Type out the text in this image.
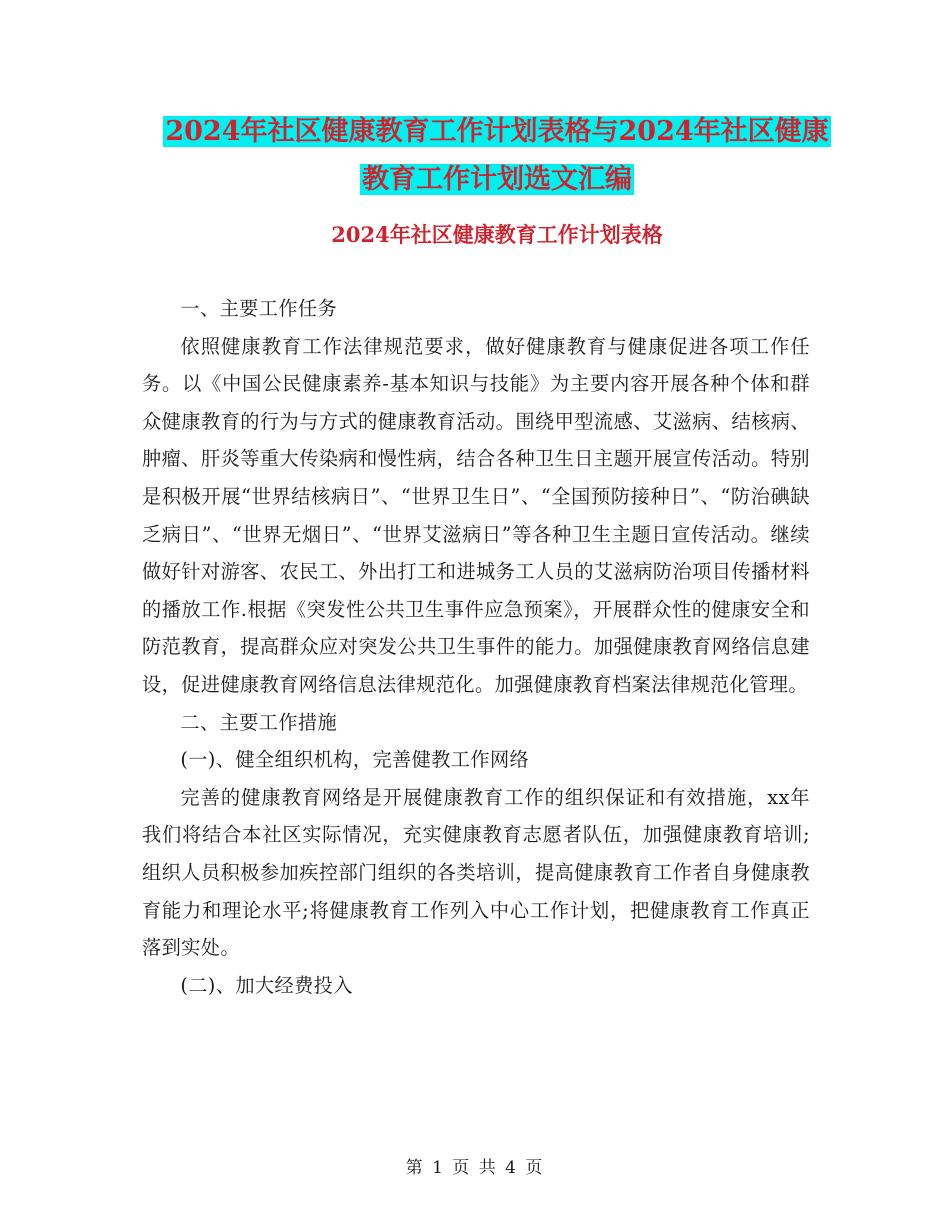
2024年社区健康教育工作计划表格与2024年社区健康
教育工作计划选文汇编
2024年社区健康教育工作计划表格

一、主要工作任务

依照健康教育工作法律规范要求，做好健康教育与健康促进各项工作任务。以《中国公民健康素养-基本知识与技能》为主要内容开展各种个体和群众健康教育的行为与方式的健康教育活动。围绕甲型流感、艾滋病、结核病、肿瘤、肝炎等重大传染病和慢性病，结合各种卫生日主题开展宣传活动。特别是积极开展“世界结核病日”、“世界卫生日”、“全国预防接种日”、“防治碘缺乏病日”、“世界无烟日”、“世界艾滋病日”等各种卫生主题日宣传活动。继续做好针对游客、农民工、外出打工和进城务工人员的艾滋病防治项目传播材料的播放工作.根据《突发性公共卫生事件应急预案》，开展群众性的健康安全和防范教育，提高群众应对突发公共卫生事件的能力。加强健康教育网络信息建设，促进健康教育网络信息法律规范化。加强健康教育档案法律规范化管理。

二、主要工作措施

(一)、健全组织机构，完善健教工作网络

完善的健康教育网络是开展健康教育工作的组织保证和有效措施，xx年我们将结合本社区实际情况，充实健康教育志愿者队伍，加强健康教育培训;组织人员积极参加疾控部门组织的各类培训，提高健康教育工作者自身健康教育能力和理论水平;将健康教育工作列入中心工作计划，把健康教育工作真正落到实处。

(二)、加大经费投入

第 1 页 共 4 页
